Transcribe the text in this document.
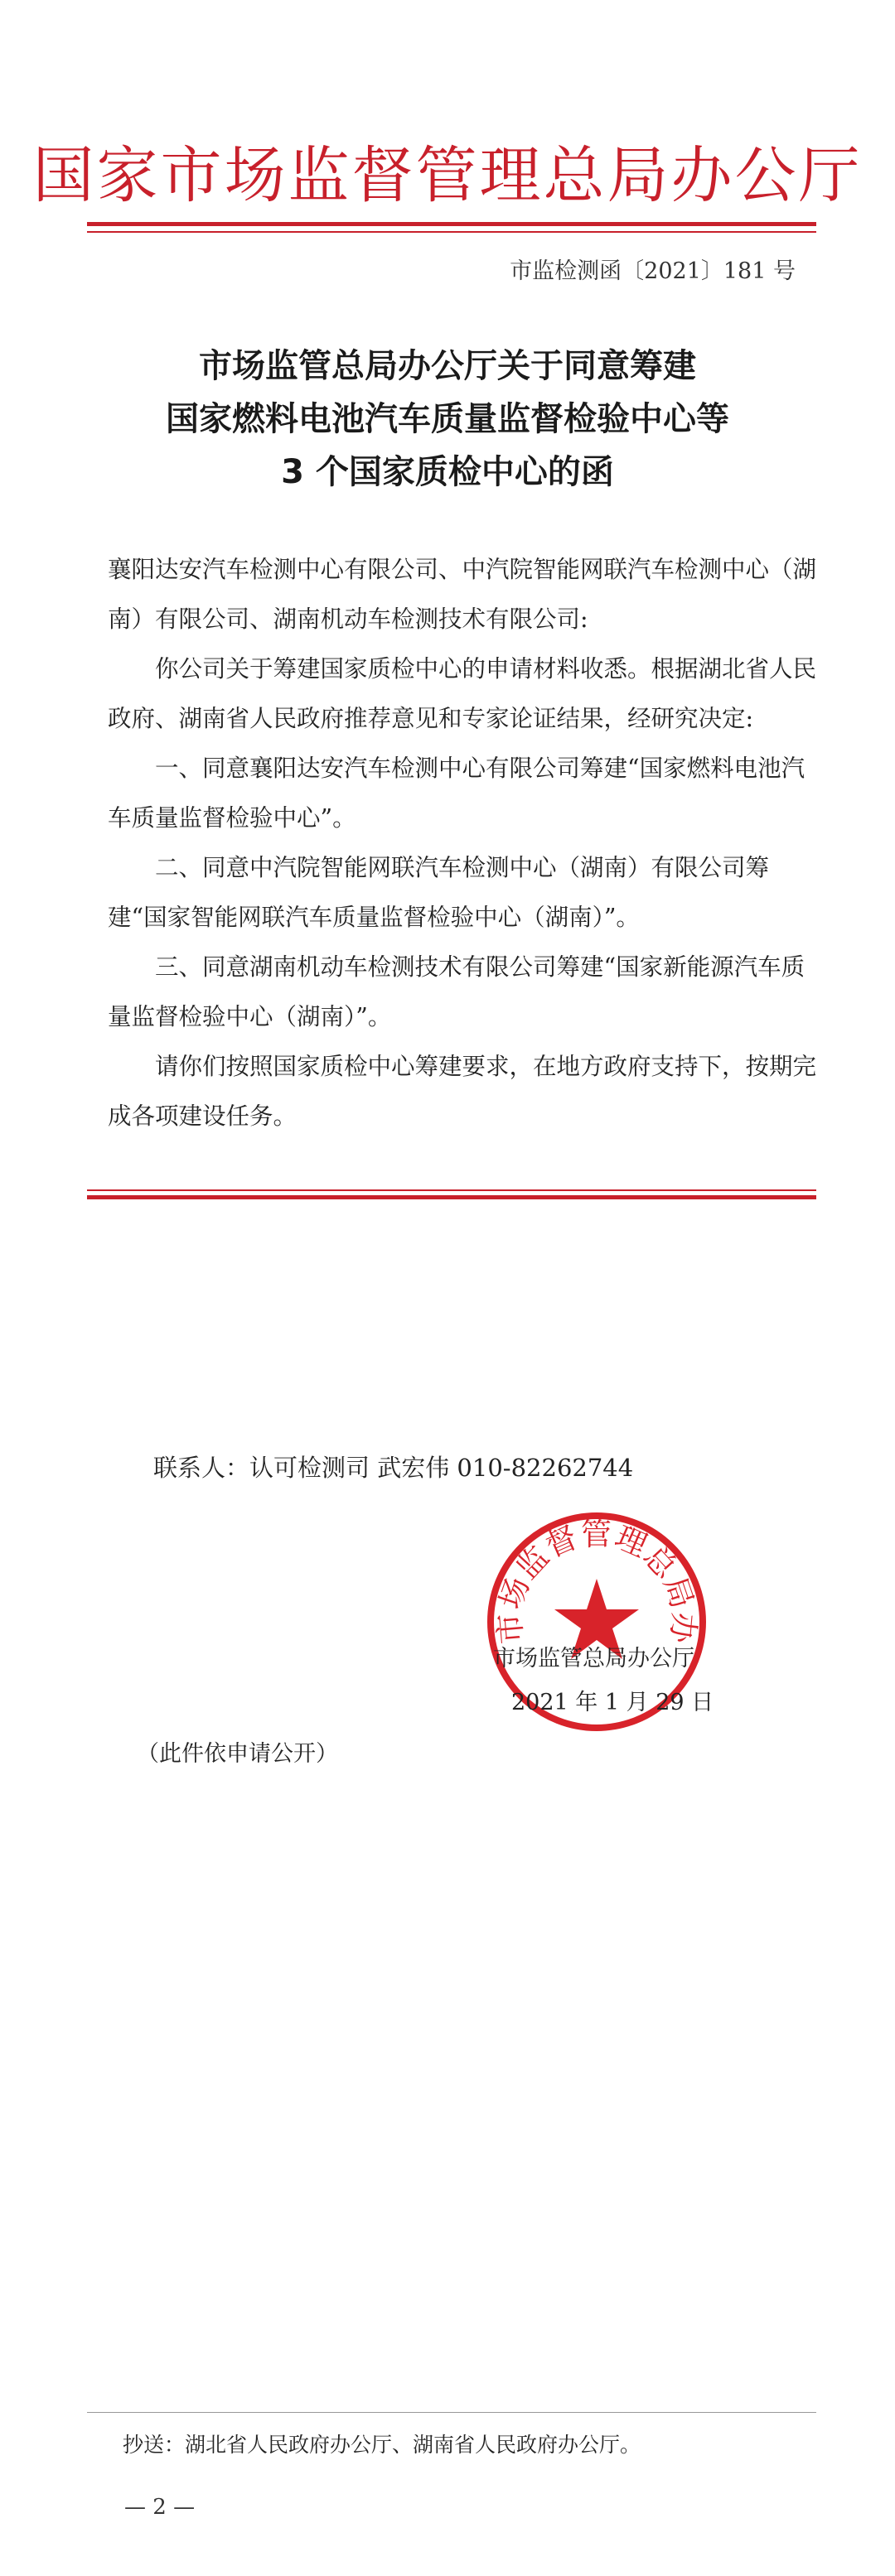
国家市场监督管理总局办公厅
市监检测函〔2021〕181 号
市场监管总局办公厅关于同意筹建
国家燃料电池汽车质量监督检验中心等
3 个国家质检中心的函

襄阳达安汽车检测中心有限公司、中汽院智能网联汽车检测中心（湖南）有限公司、湖南机动车检测技术有限公司:

你公司关于筹建国家质检中心的申请材料收悉。根据湖北省人民政府、湖南省人民政府推荐意见和专家论证结果，经研究决定:

一、同意襄阳达安汽车检测中心有限公司筹建“国家燃料电池汽车质量监督检验中心”。

二、同意中汽院智能网联汽车检测中心（湖南）有限公司筹建“国家智能网联汽车质量监督检验中心（湖南）”。

三、同意湖南机动车检测技术有限公司筹建“国家新能源汽车质量监督检验中心（湖南）”。

请你们按照国家质检中心筹建要求，在地方政府支持下，按期完成各项建设任务。

联系人：认可检测司 武宏伟 010-82262744
市场监督管理总局办
市场监管总局办公厅
2021 年 1 月 29 日
（此件依申请公开）
抄送：湖北省人民政府办公厅、湖南省人民政府办公厅。
— 2 —
